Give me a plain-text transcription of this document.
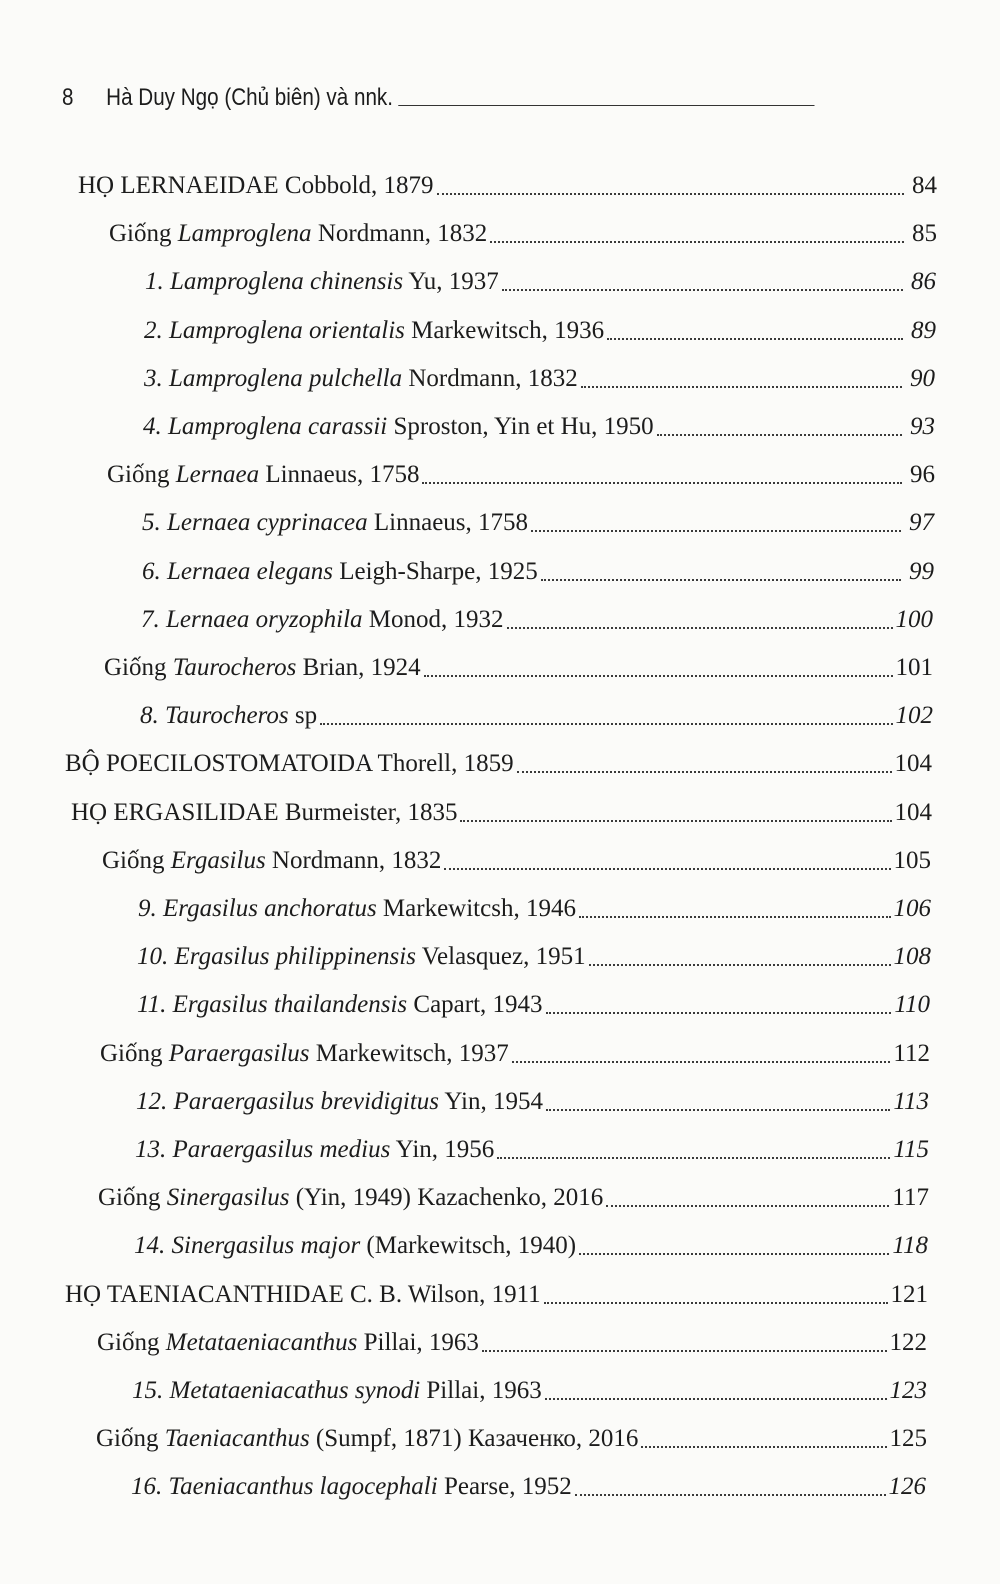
8 Hà Duy Ngọ (Chủ biên) và nnk.
HỌ LERNAEIDAE Cobbold, 1879	84
Giống Lamproglena Nordmann, 1832	85
1. Lamproglena chinensis Yu, 1937	86
2. Lamproglena orientalis Markewitsch, 1936	89
3. Lamproglena pulchella Nordmann, 1832	90
4. Lamproglena carassii Sproston, Yin et Hu, 1950	93
Giống Lernaea Linnaeus, 1758	96
5. Lernaea cyprinacea Linnaeus, 1758	97
6. Lernaea elegans Leigh-Sharpe, 1925	99
7. Lernaea oryzophila Monod, 1932	100
Giống Taurocheros Brian, 1924	101
8. Taurocheros sp	102
BỘ POECILOSTOMATOIDA Thorell, 1859	104
HỌ ERGASILIDAE Burmeister, 1835	104
Giống Ergasilus Nordmann, 1832	105
9. Ergasilus anchoratus Markewitcsh, 1946	106
10. Ergasilus philippinensis Velasquez, 1951	108
11. Ergasilus thailandensis Capart, 1943	110
Giống Paraergasilus Markewitsch, 1937	112
12. Paraergasilus brevidigitus Yin, 1954	113
13. Paraergasilus medius Yin, 1956	115
Giống Sinergasilus (Yin, 1949) Kazachenko, 2016	117
14. Sinergasilus major (Markewitsch, 1940)	118
HỌ TAENIACANTHIDAE C. B. Wilson, 1911	121
Giống Metataeniacanthus Pillai, 1963	122
15. Metataeniacathus synodi Pillai, 1963	123
Giống Taeniacanthus (Sumpf, 1871) Казаченко, 2016	125
16. Taeniacanthus lagocephali Pearse, 1952	126
